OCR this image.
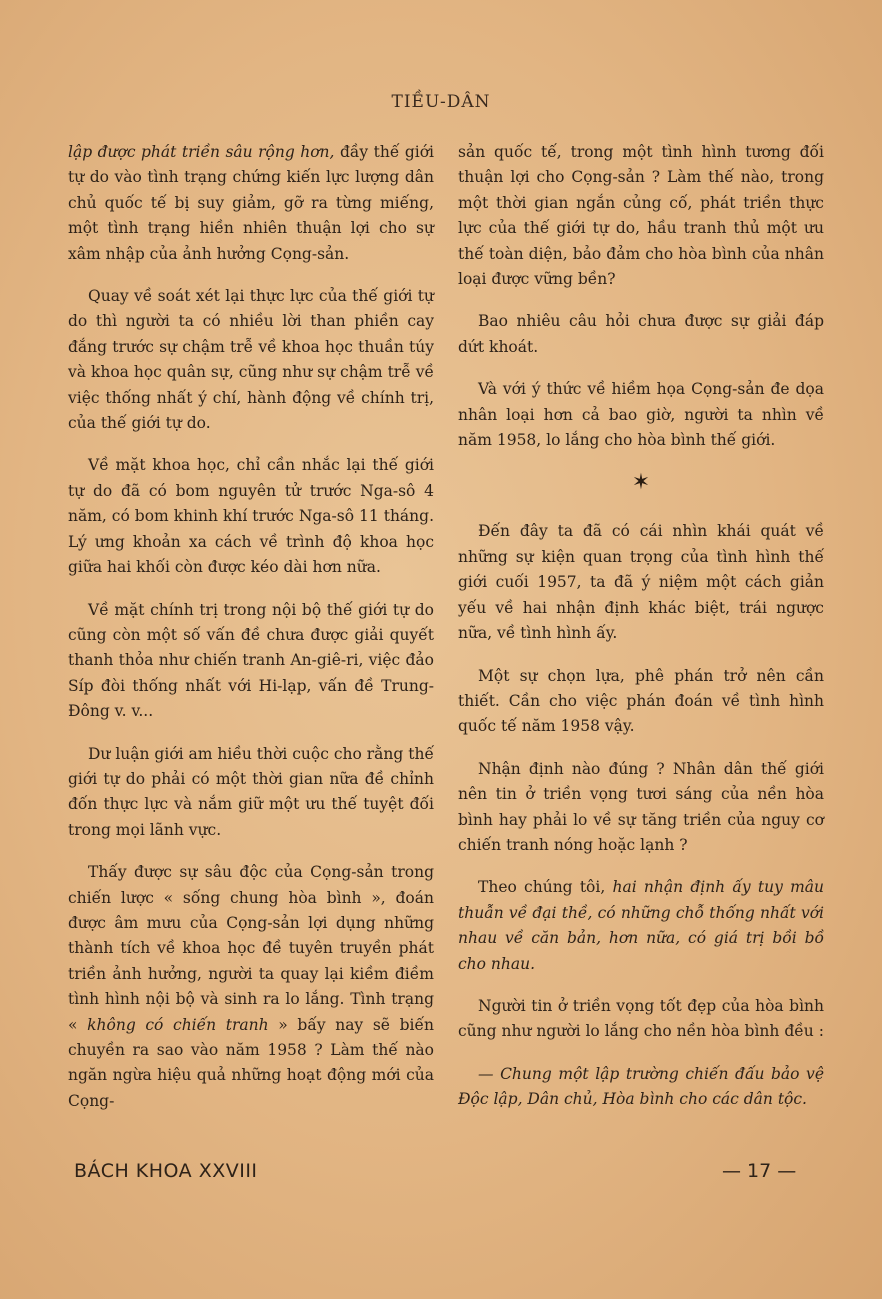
TIỀU-DÂN

lập được phát triền sâu rộng hơn, đầy thế giới tự do vào tình trạng chứng kiến lực lượng dân chủ quốc tế bị suy giảm, gỡ ra từng miếng, một tình trạng hiền nhiên thuận lợi cho sự xâm nhập của ảnh hưởng Cọng-sản.

Quay về soát xét lại thực lực của thế giới tự do thì người ta có nhiều lời than phiền cay đắng trước sự chậm trễ về khoa học thuần túy và khoa học quân sự, cũng như sự chậm trễ về việc thống nhất ý chí, hành động về chính trị, của thế giới tự do.

Về mặt khoa học, chỉ cần nhắc lại thế giới tự do đã có bom nguyên tử trước Nga-sô 4 năm, có bom khinh khí trước Nga-sô 11 tháng. Lý ưng khoản xa cách về trình độ khoa học giữa hai khối còn được kéo dài hơn nữa.

Về mặt chính trị trong nội bộ thế giới tự do cũng còn một số vấn đề chưa được giải quyết thanh thỏa như chiến tranh An-giê-ri, việc đảo Síp đòi thống nhất với Hi-lạp, vấn đề Trung-Đông v. v...

Dư luận giới am hiều thời cuộc cho rằng thế giới tự do phải có một thời gian nữa đề chỉnh đốn thực lực và nắm giữ một ưu thế tuyệt đối trong mọi lãnh vực.

Thấy được sự sâu độc của Cọng-sản trong chiến lược « sống chung hòa bình », đoán được âm mưu của Cọng-sản lợi dụng những thành tích về khoa học đề tuyên truyền phát triền ảnh hưởng, người ta quay lại kiềm điềm tình hình nội bộ và sinh ra lo lắng. Tình trạng « không có chiến tranh » bấy nay sẽ biến chuyền ra sao vào năm 1958 ? Làm thế nào ngăn ngừa hiệu quả những hoạt động mới của Cọng-

sản quốc tế, trong một tình hình tương đối thuận lợi cho Cọng-sản ? Làm thế nào, trong một thời gian ngắn củng cố, phát triền thực lực của thế giới tự do, hầu tranh thủ một ưu thế toàn diện, bảo đảm cho hòa bình của nhân loại được vững bền?

Bao nhiêu câu hỏi chưa được sự giải đáp dứt khoát.

Và với ý thức về hiềm họa Cọng-sản đe dọa nhân loại hơn cả bao giờ, người ta nhìn về năm 1958, lo lắng cho hòa bình thế giới.

✶

Đến đây ta đã có cái nhìn khái quát về những sự kiện quan trọng của tình hình thế giới cuối 1957, ta đã ý niệm một cách giản yếu về hai nhận định khác biệt, trái ngược nữa, về tình hình ấy.

Một sự chọn lựa, phê phán trở nên cần thiết. Cần cho việc phán đoán về tình hình quốc tế năm 1958 vậy.

Nhận định nào đúng ? Nhân dân thế giới nên tin ở triền vọng tươi sáng của nền hòa bình hay phải lo về sự tăng triền của nguy cơ chiến tranh nóng hoặc lạnh ?

Theo chúng tôi, hai nhận định ấy tuy mâu thuẫn về đại thề, có những chỗ thống nhất với nhau về căn bản, hơn nữa, có giá trị bồi bồ cho nhau.

Người tin ở triền vọng tốt đẹp của hòa bình cũng như người lo lắng cho nền hòa bình đều :

— Chung một lập trường chiến đấu bảo vệ Độc lập, Dân chủ, Hòa bình cho các dân tộc.

BÁCH KHOA XXVIII	— 17 —
